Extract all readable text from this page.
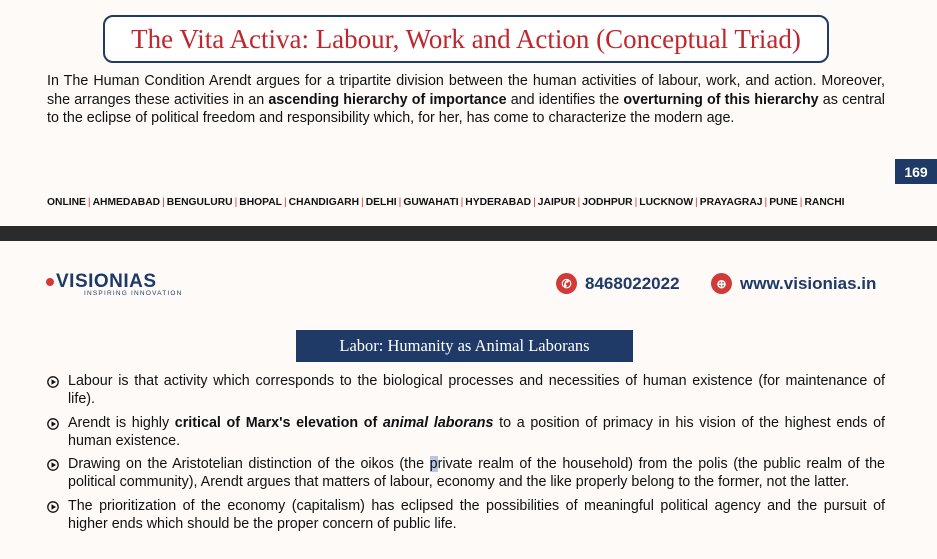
The Vita Activa: Labour, Work and Action (Conceptual Triad)
In The Human Condition Arendt argues for a tripartite division between the human activities of labour, work, and action. Moreover, she arranges these activities in an ascending hierarchy of importance and identifies the overturning of this hierarchy as central to the eclipse of political freedom and responsibility which, for her, has come to characterize the modern age.
169
ONLINE | AHMEDABAD | BENGULURU | BHOPAL | CHANDIGARH | DELHI | GUWAHATI | HYDERABAD | JAIPUR | JODHPUR | LUCKNOW | PRAYAGRAJ | PUNE | RANCHI
VISIONIAS
INSPIRING INNOVATION
✆ 8468022022	⊕ www.visionias.in
Labor: Humanity as Animal Laborans
Labour is that activity which corresponds to the biological processes and necessities of human existence (for maintenance of life).
Arendt is highly critical of Marx's elevation of animal laborans to a position of primacy in his vision of the highest ends of human existence.
Drawing on the Aristotelian distinction of the oikos (the private realm of the household) from the polis (the public realm of the political community), Arendt argues that matters of labour, economy and the like properly belong to the former, not the latter.
The prioritization of the economy (capitalism) has eclipsed the possibilities of meaningful political agency and the pursuit of higher ends which should be the proper concern of public life.
